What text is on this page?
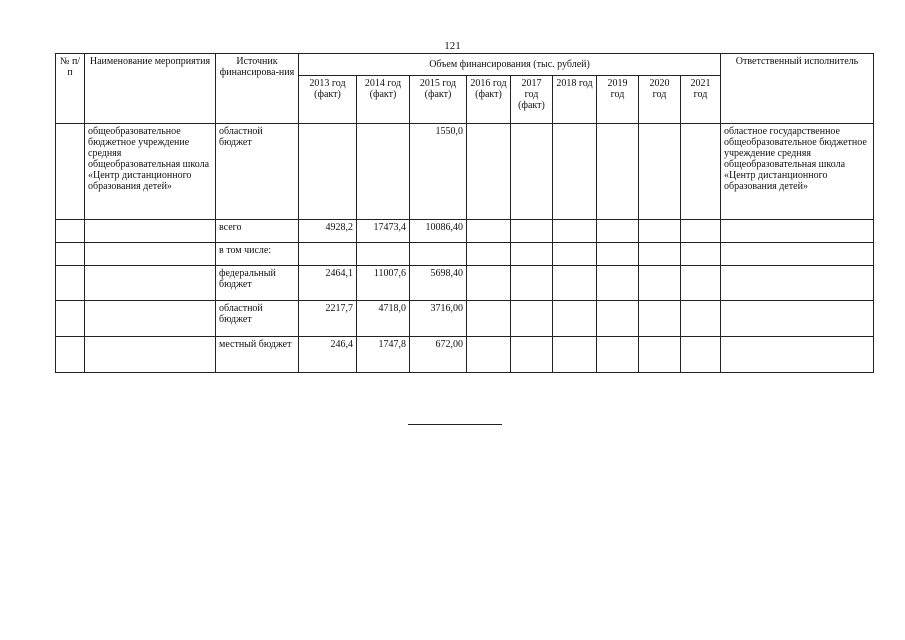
121
№ п/п	Наименование мероприятия	Источник финансирова-ния	Объем финансирования (тыс. рублей)									Ответственный исполнитель
			2013 год (факт)	2014 год (факт)	2015 год (факт)	2016 год (факт)	2017 год (факт)	2018 год	2019 год	2020 год	2021 год	
	общеобразовательное бюджетное учреждение средняя общеобразовательная школа «Центр дистанционного образования детей»	областной бюджет			1550,0							областное государственное общеобразовательное бюджетное учреждение средняя общеобразовательная школа «Центр дистанционного образования детей»
		всего	4928,2	17473,4	10086,40							
		в том числе:										
		федеральный бюджет	2464,1	11007,6	5698,40							
		областной бюджет	2217,7	4718,0	3716,00							
		местный бюджет	246,4	1747,8	672,00							
